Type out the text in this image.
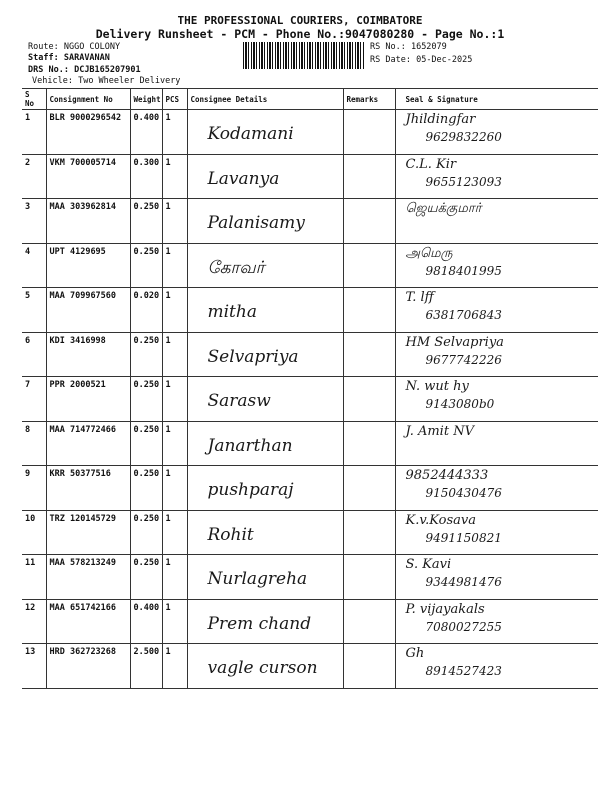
THE PROFESSIONAL COURIERS, COIMBATORE
Delivery Runsheet - PCM - Phone No.:9047080280 - Page No.:1
Route: NGGO COLONY
Staff: SARAVANAN
DRS No.: DCJB165207901
Vehicle: Two Wheeler Delivery
RS No.: 1652079
RS Date: 05-Dec-2025
S No	Consignment No	Weight	PCS	Consignee Details	Remarks	Seal & Signature
1	BLR 9000296542	0.400	1	Kodamani		Jhildingfar
9629832260

2	VKM 700005714	0.300	1	Lavanya		C.L. Kir
9655123093

3	MAA 303962814	0.250	1	Palanisamy		ஜெயக்குமார்

4	UPT 4129695	0.250	1	கோவர்		அமெரு
9818401995

5	MAA 709967560	0.020	1	mitha		T. lff
6381706843

6	KDI 3416998	0.250	1	Selvapriya		HM Selvapriya
9677742226

7	PPR 2000521	0.250	1	Sarasw		N. wut hy
9143080b0

8	MAA 714772466	0.250	1	Janarthan		J. Amit NV

9	KRR 50377516	0.250	1	pushparaj		9852444333
9150430476

10	TRZ 120145729	0.250	1	Rohit		K.v.Kosava
9491150821

11	MAA 578213249	0.250	1	Nurlagreha		S. Kavi
9344981476

12	MAA 651742166	0.400	1	Prem chand		P. vijayakals
7080027255

13	HRD 362723268	2.500	1	vagle curson		Gh
8914527423
